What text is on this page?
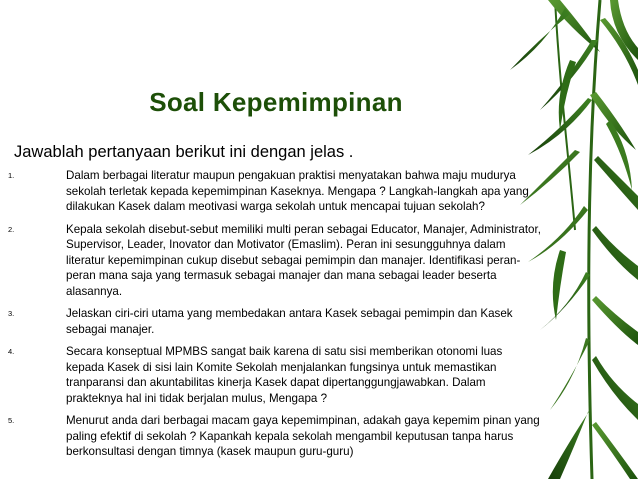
Soal Kepemimpinan
Jawablah pertanyaan berikut ini dengan jelas .
1.	Dalam berbagai literatur maupun pengakuan praktisi menyatakan bahwa maju mudurya sekolah terletak kepada kepemimpinan Kaseknya. Mengapa ? Langkah-langkah apa yang dilakukan Kasek dalam meotivasi warga sekolah untuk mencapai tujuan sekolah?
2.	Kepala sekolah disebut-sebut memiliki multi peran sebagai Educator, Manajer, Administrator, Supervisor, Leader, Inovator dan Motivator (Emaslim). Peran ini sesungguhnya dalam literatur kepemimpinan cukup disebut sebagai pemimpin dan manajer. Identifikasi peran-peran mana saja yang termasuk sebagai manajer dan mana sebagai leader beserta alasannya.
3.	Jelaskan ciri-ciri utama yang membedakan antara Kasek sebagai pemimpin dan Kasek sebagai manajer.
4.	Secara konseptual MPMBS sangat baik karena di satu sisi memberikan otonomi luas kepada Kasek di sisi lain Komite Sekolah menjalankan fungsinya untuk memastikan tranparansi dan akuntabilitas kinerja Kasek dapat dipertanggungjawabkan. Dalam prakteknya hal ini tidak berjalan mulus, Mengapa ?
5.	Menurut anda dari berbagai macam gaya kepemimpinan, adakah gaya kepemim pinan yang paling efektif di sekolah ? Kapankah kepala sekolah mengambil keputusan tanpa harus berkonsultasi dengan timnya (kasek maupun guru-guru)
